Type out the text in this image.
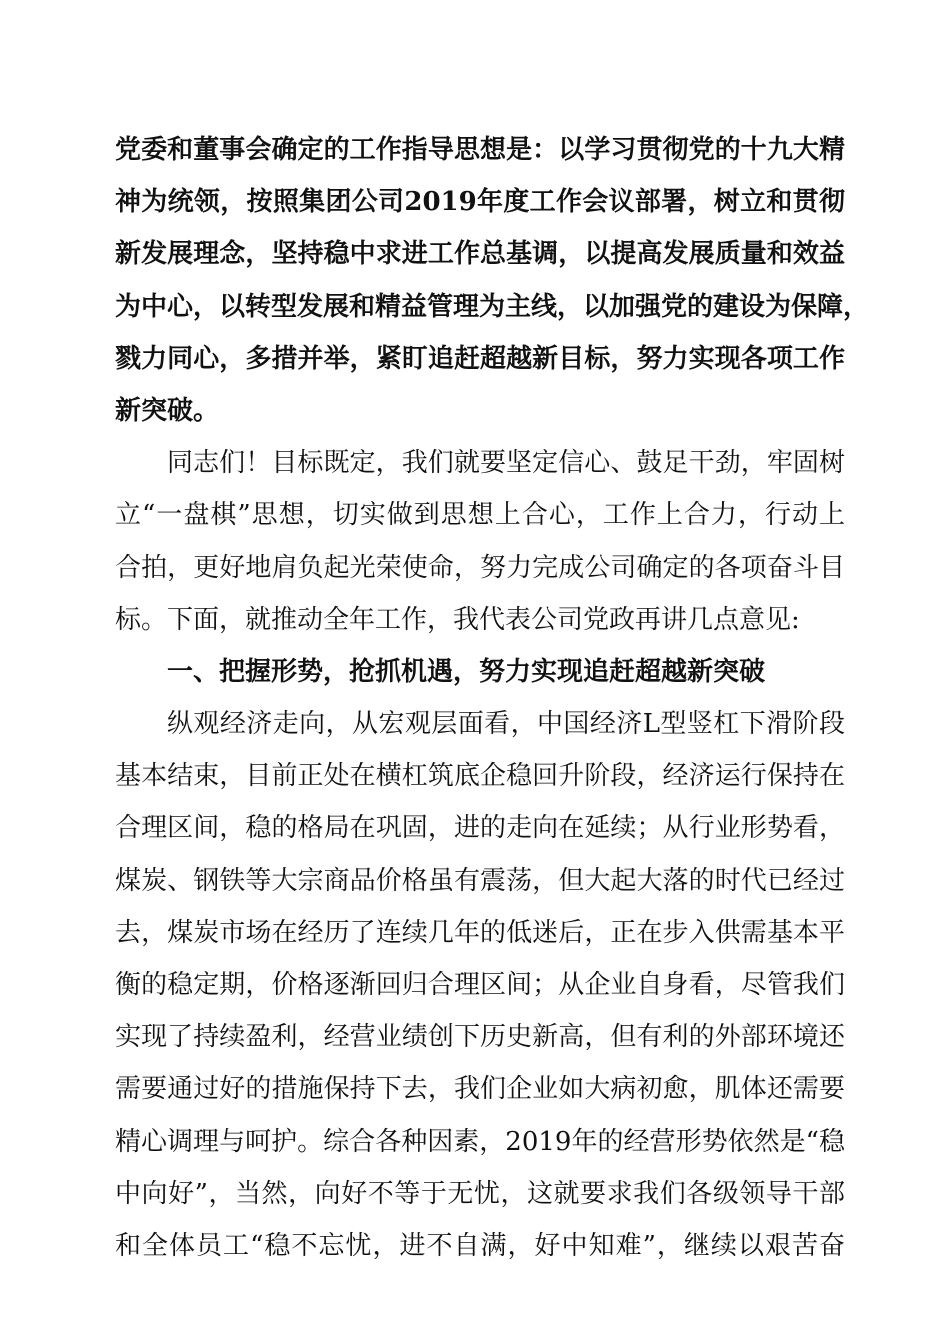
党委和董事会确定的工作指导思想是：以学习贯彻党的十九大精
神为统领，按照集团公司2019年度工作会议部署，树立和贯彻
新发展理念，坚持稳中求进工作总基调，以提高发展质量和效益
为中心，以转型发展和精益管理为主线，以加强党的建设为保障，
戮力同心，多措并举，紧盯追赶超越新目标，努力实现各项工作
新突破。
同志们！目标既定，我们就要坚定信心、鼓足干劲，牢固树
立“一盘棋”思想，切实做到思想上合心，工作上合力，行动上
合拍，更好地肩负起光荣使命，努力完成公司确定的各项奋斗目
标。下面，就推动全年工作，我代表公司党政再讲几点意见:
一、把握形势，抢抓机遇，努力实现追赶超越新突破
纵观经济走向，从宏观层面看，中国经济L型竖杠下滑阶段
基本结束，目前正处在横杠筑底企稳回升阶段，经济运行保持在
合理区间，稳的格局在巩固，进的走向在延续；从行业形势看，
煤炭、钢铁等大宗商品价格虽有震荡，但大起大落的时代已经过
去，煤炭市场在经历了连续几年的低迷后，正在步入供需基本平
衡的稳定期，价格逐渐回归合理区间；从企业自身看，尽管我们
实现了持续盈利，经营业绩创下历史新高，但有利的外部环境还
需要通过好的措施保持下去，我们企业如大病初愈，肌体还需要
精心调理与呵护。综合各种因素，2019年的经营形势依然是“稳
中向好”，当然，向好不等于无忧，这就要求我们各级领导干部
和全体员工“稳不忘忧，进不自满，好中知难”，继续以艰苦奋
